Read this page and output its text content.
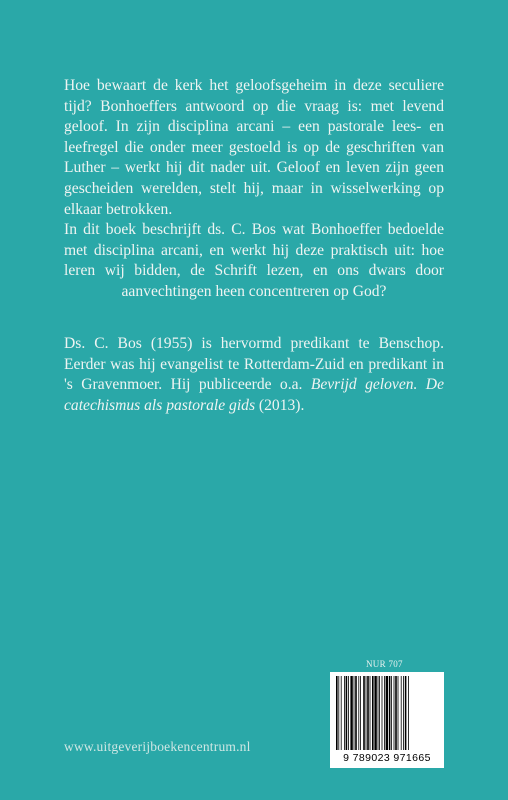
Hoe bewaart de kerk het geloofsgeheim in deze seculiere tijd? Bonhoeffers antwoord op die vraag is: met levend geloof. In zijn disciplina arcani – een pastorale lees- en leefregel die onder meer gestoeld is op de geschriften van Luther – werkt hij dit nader uit. Geloof en leven zijn geen gescheiden werelden, stelt hij, maar in wisselwerking op elkaar betrokken.

In dit boek beschrijft ds. C. Bos wat Bonhoeffer bedoelde met disciplina arcani, en werkt hij deze praktisch uit: hoe leren wij bidden, de Schrift lezen, en ons dwars door aanvechtingen heen concentreren op God?

Ds. C. Bos (1955) is hervormd predikant te Benschop. Eerder was hij evangelist te Rotterdam-Zuid en predikant in 's Gravenmoer. Hij publiceerde o.a. Bevrijd geloven. De catechismus als pastorale gids (2013).
NUR 707
9 789023 971665
www.uitgeverijboekencentrum.nl
